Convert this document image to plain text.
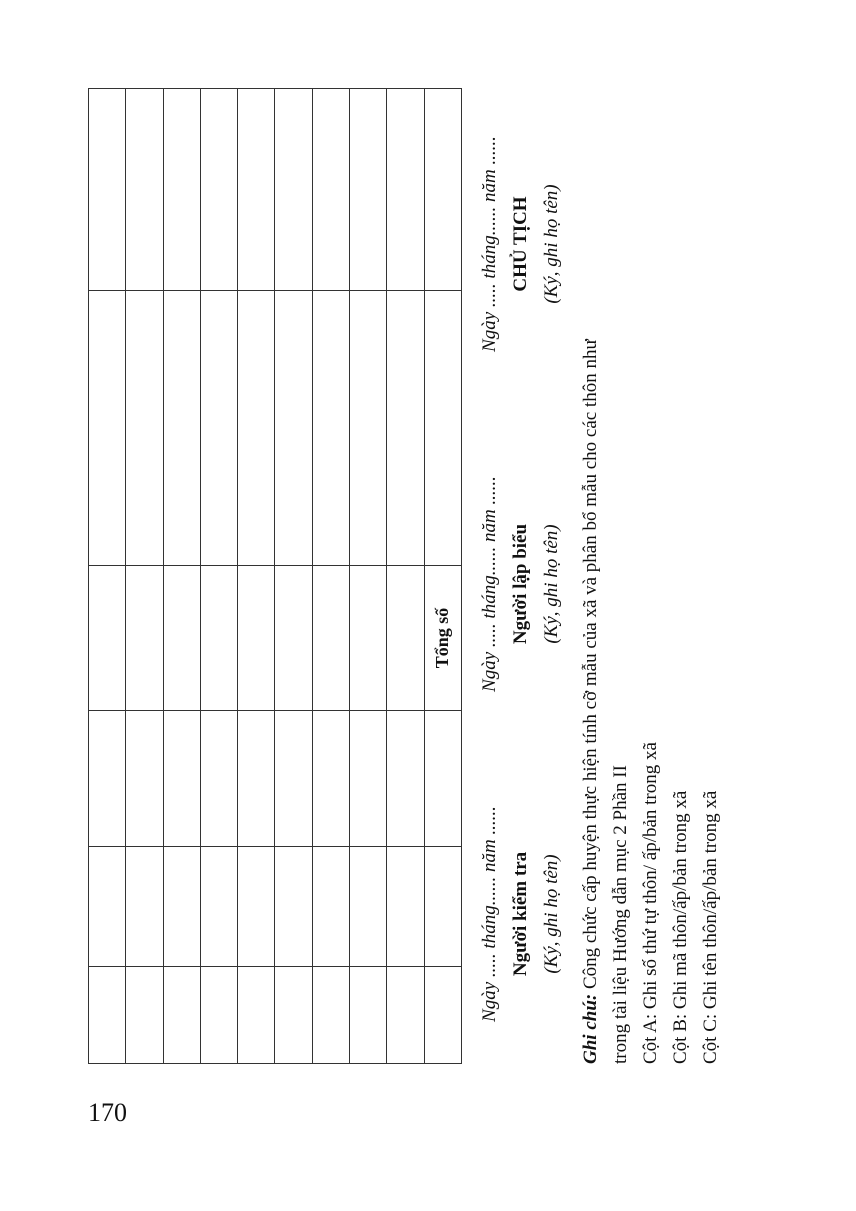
			Tổng số		
Ngày ..... tháng...... năm ...... Người kiểm tra (Ký, ghi họ tên)
Ngày ..... tháng...... năm ...... Người lập biểu (Ký, ghi họ tên)
Ngày ..... tháng...... năm ...... CHỦ TỊCH (Ký, ghi họ tên)
Ghi chú: Công chức cấp huyện thực hiện tính cỡ mẫu của xã và phân bổ mẫu cho các thôn như trong tài liệu Hướng dẫn mục 2 Phần II Cột A: Ghi số thứ tự thôn/ ấp/bản trong xã Cột B: Ghi mã thôn/ấp/bản trong xã Cột C: Ghi tên thôn/ấp/bản trong xã
170
